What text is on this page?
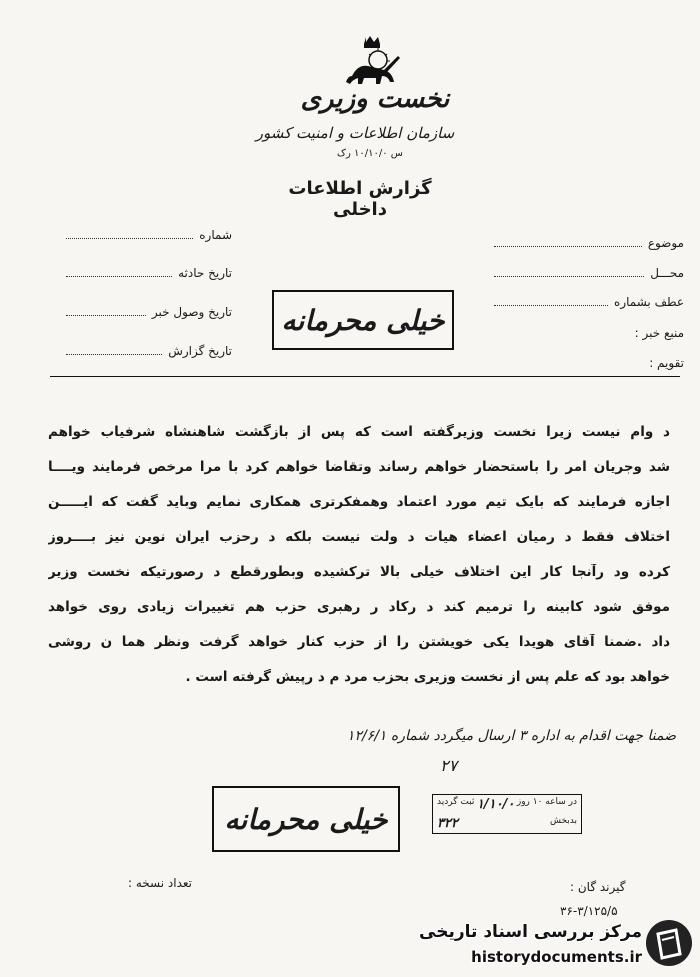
نخست وزیری
سازمان اطلاعات و امنیت کشور
س ۱۰/۱۰/۰ رک
گزارش اطلاعات داخلی
موضوع
محـــل
عطف بشماره
منبع خبر :
تقویم :
شماره
تاریخ حادثه
تاریخ وصول خبر
تاریخ گزارش
خیلی محرمانه
د وام نیست زیرا نخست وزیرگفته است که پس از بازگشت شاهنشاه شرفیاب خواهم
شد وجریان امر را باستحضار خواهم رساند وتقاضا خواهم کرد با مرا مرخص فرمایند ویــــا
اجازه فرمایند که بایک تیم مورد اعتماد وهمفکرتری همکاری نمایم وباید گفت که ایـــــن
اختلاف فقط د رمیان اعضاء هیات د ولت نیست بلکه د رحزب ایران نوین نیز بــــروز
کرده ود رآنجا کار این اختلاف خیلی بالا ترکشیده وبطورقطع د رصورتیکه نخست وزیر
موفق شود کابینه را ترمیم کند د رکاد ر رهبری حزب هم تغییرات زیادی روی خواهد
داد .ضمنا آقای هویدا یکی خویشتن را از حزب کنار خواهد گرفت ونظر هما ن روشی
خواهد بود که علم پس از نخست وزیری بحزب مرد م د رپیش گرفته است .
ضمنا جهت اقدام به اداره ۳ ارسال میگردد شماره ۱۲/۶/۱
۲۷
خیلی محرمانه
در ساعه ۱۰ روز
۱/۱۰/۰
ثبت گردید
بدبخش
۳۲۲
تعداد نسخه :	گیرند گان :
۳۶-۳/۱۲۵/۵
مرکز بررسی اسناد تاریخی
historydocuments.ir
